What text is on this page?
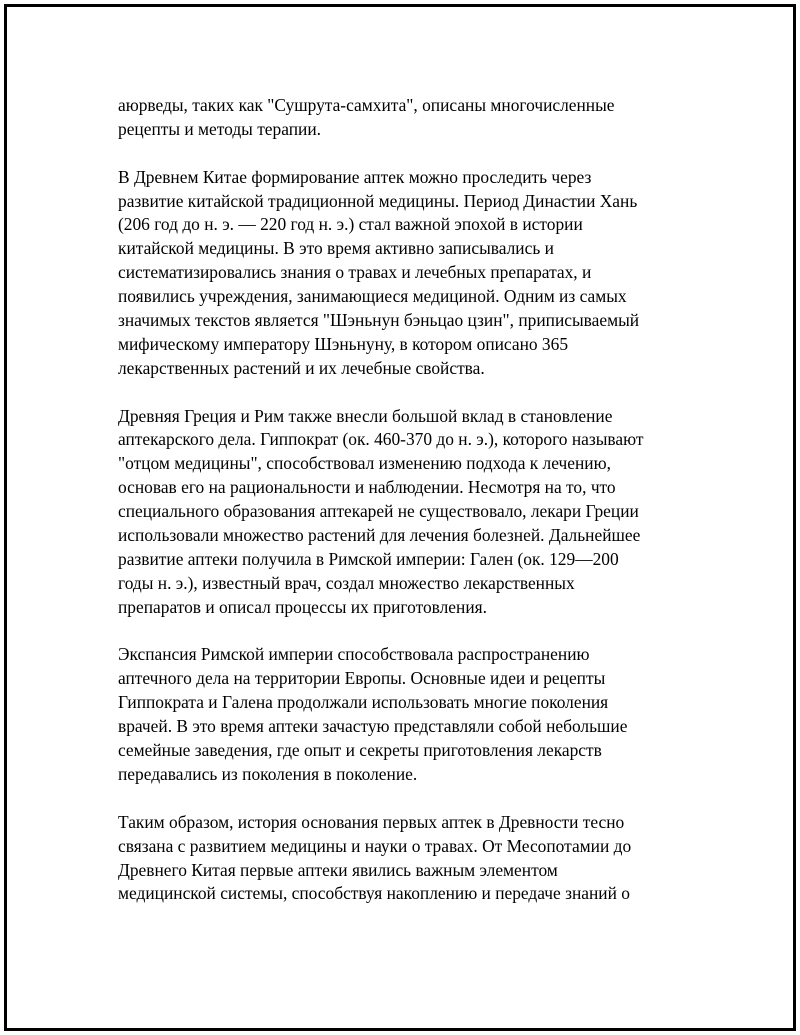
аюрведы, таких как "Сушрута-самхита", описаны многочисленные
рецепты и методы терапии.
В Древнем Китае формирование аптек можно проследить через
развитие китайской традиционной медицины. Период Династии Хань
(206 год до н. э. — 220 год н. э.) стал важной эпохой в истории
китайской медицины. В это время активно записывались и
систематизировались знания о травах и лечебных препаратах, и
появились учреждения, занимающиеся медициной. Одним из самых
значимых текстов является "Шэньнун бэньцао цзин", приписываемый
мифическому императору Шэньнуну, в котором описано 365
лекарственных растений и их лечебные свойства.
Древняя Греция и Рим также внесли большой вклад в становление
аптекарского дела. Гиппократ (ок. 460-370 до н. э.), которого называют
"отцом медицины", способствовал изменению подхода к лечению,
основав его на рациональности и наблюдении. Несмотря на то, что
специального образования аптекарей не существовало, лекари Греции
использовали множество растений для лечения болезней. Дальнейшее
развитие аптеки получила в Римской империи: Гален (ок. 129—200
годы н. э.), известный врач, создал множество лекарственных
препаратов и описал процессы их приготовления.
Экспансия Римской империи способствовала распространению
аптечного дела на территории Европы. Основные идеи и рецепты
Гиппократа и Галена продолжали использовать многие поколения
врачей. В это время аптеки зачастую представляли собой небольшие
семейные заведения, где опыт и секреты приготовления лекарств
передавались из поколения в поколение.
Таким образом, история основания первых аптек в Древности тесно
связана с развитием медицины и науки о травах. От Месопотамии до
Древнего Китая первые аптеки явились важным элементом
медицинской системы, способствуя накоплению и передаче знаний о
